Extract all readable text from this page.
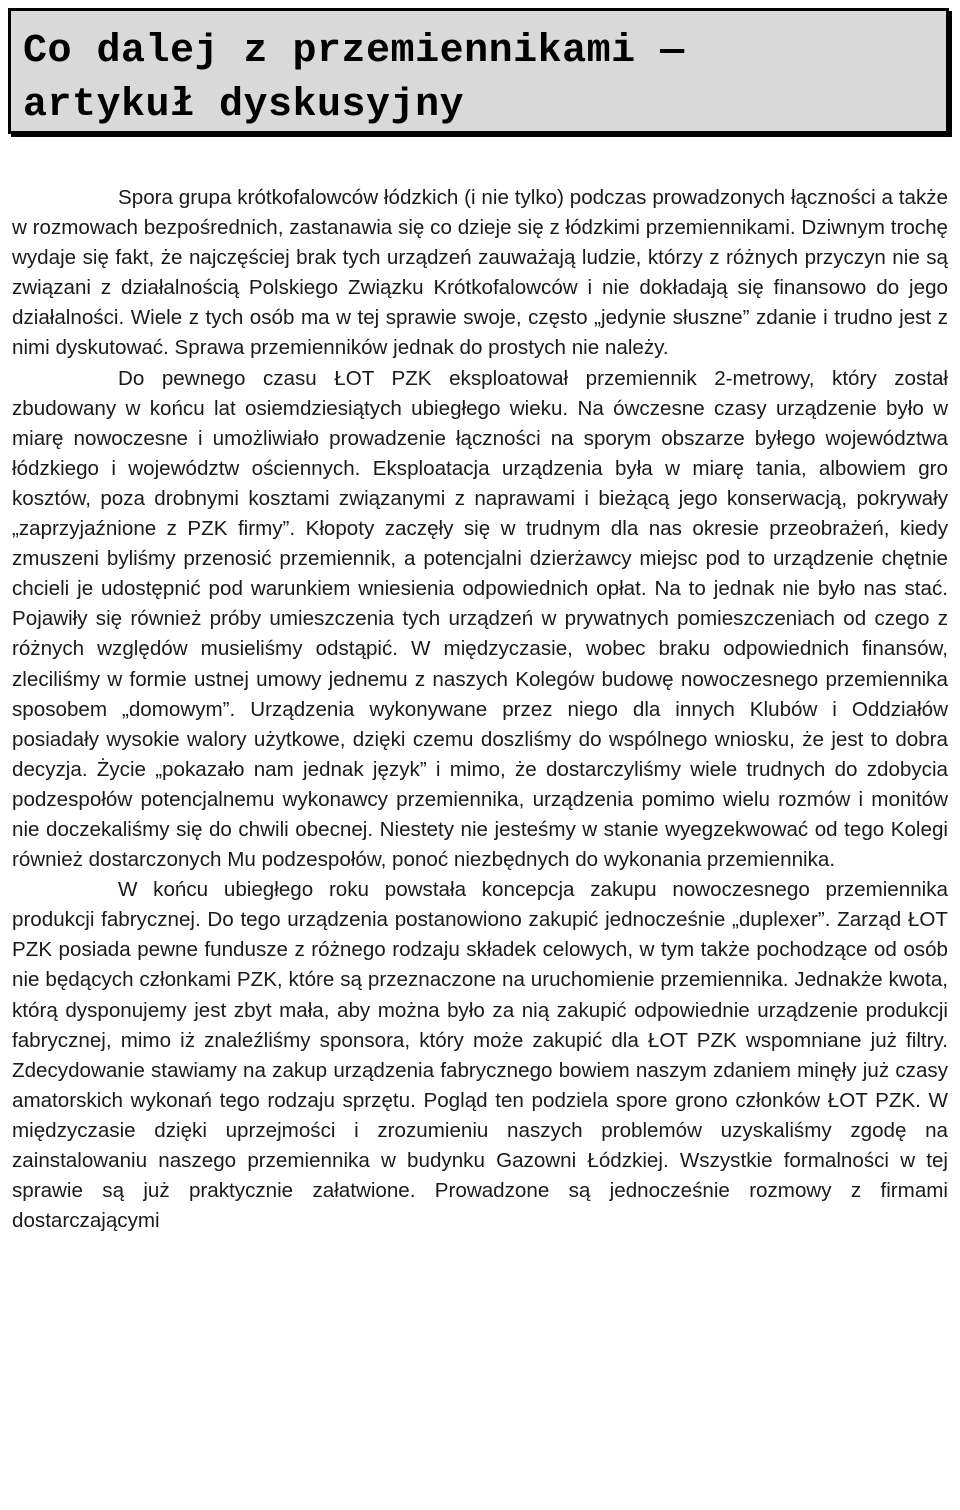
Co dalej z przemiennikami —
artykuł dyskusyjny

Spora grupa krótkofalowców łódzkich (i nie tylko) podczas prowadzonych łączności a także w rozmowach bezpośrednich, zastanawia się co dzieje się z łódzkimi przemiennikami. Dziwnym trochę wydaje się fakt, że najczęściej brak tych urządzeń zauważają ludzie, którzy z różnych przyczyn nie są związani z działalnością Polskiego Związku Krótkofalowców i nie dokładają się finansowo do jego działalności. Wiele z tych osób ma w tej sprawie swoje, często „jedynie słuszne” zdanie i trudno jest z nimi dyskutować. Sprawa przemienników jednak do prostych nie należy.

Do pewnego czasu ŁOT PZK eksploatował przemiennik 2-metrowy, który został zbudowany w końcu lat osiemdziesiątych ubiegłego wieku. Na ówczesne czasy urządzenie było w miarę nowoczesne i umożliwiało prowadzenie łączności na sporym obszarze byłego województwa łódzkiego i województw ościennych. Eksploatacja urządzenia była w miarę tania, albowiem gro kosztów, poza drobnymi kosztami związanymi z naprawami i bieżącą jego konserwacją, pokrywały „zaprzyjaźnione z PZK firmy”. Kłopoty zaczęły się w trudnym dla nas okresie przeobrażeń, kiedy zmuszeni byliśmy przenosić przemiennik, a potencjalni dzierżawcy miejsc pod to urządzenie chętnie chcieli je udostępnić pod warunkiem wniesienia odpowiednich opłat. Na to jednak nie było nas stać. Pojawiły się również próby umieszczenia tych urządzeń w prywatnych pomieszczeniach od czego z różnych względów musieliśmy odstąpić. W międzyczasie, wobec braku odpowiednich finansów, zleciliśmy w formie ustnej umowy jednemu z naszych Kolegów budowę nowoczesnego przemiennika sposobem „domowym”. Urządzenia wykonywane przez niego dla innych Klubów i Oddziałów posiadały wysokie walory użytkowe, dzięki czemu doszliśmy do wspólnego wniosku, że jest to dobra decyzja. Życie „pokazało nam jednak język” i mimo, że dostarczyliśmy wiele trudnych do zdobycia podzespołów potencjalnemu wykonawcy przemiennika, urządzenia pomimo wielu rozmów i monitów nie doczekaliśmy się do chwili obecnej. Niestety nie jesteśmy w stanie wyegzekwować od tego Kolegi również dostarczonych Mu podzespołów, ponoć niezbędnych do wykonania przemiennika.

W końcu ubiegłego roku powstała koncepcja zakupu nowoczesnego przemiennika produkcji fabrycznej. Do tego urządzenia postanowiono zakupić jednocześnie „duplexer”. Zarząd ŁOT PZK posiada pewne fundusze z różnego rodzaju składek celowych, w tym także pochodzące od osób nie będących członkami PZK, które są przeznaczone na uruchomienie przemiennika. Jednakże kwota, którą dysponujemy jest zbyt mała, aby można było za nią zakupić odpowiednie urządzenie produkcji fabrycznej, mimo iż znaleźliśmy sponsora, który może zakupić dla ŁOT PZK wspomniane już filtry. Zdecydowanie stawiamy na zakup urządzenia fabrycznego bowiem naszym zdaniem minęły już czasy amatorskich wykonań tego rodzaju sprzętu. Pogląd ten podziela spore grono członków ŁOT PZK. W międzyczasie dzięki uprzejmości i zrozumieniu naszych problemów uzyskaliśmy zgodę na zainstalowaniu naszego przemiennika w budynku Gazowni Łódzkiej. Wszystkie formalności w tej sprawie są już praktycznie załatwione. Prowadzone są jednocześnie rozmowy z firmami dostarczającymi
